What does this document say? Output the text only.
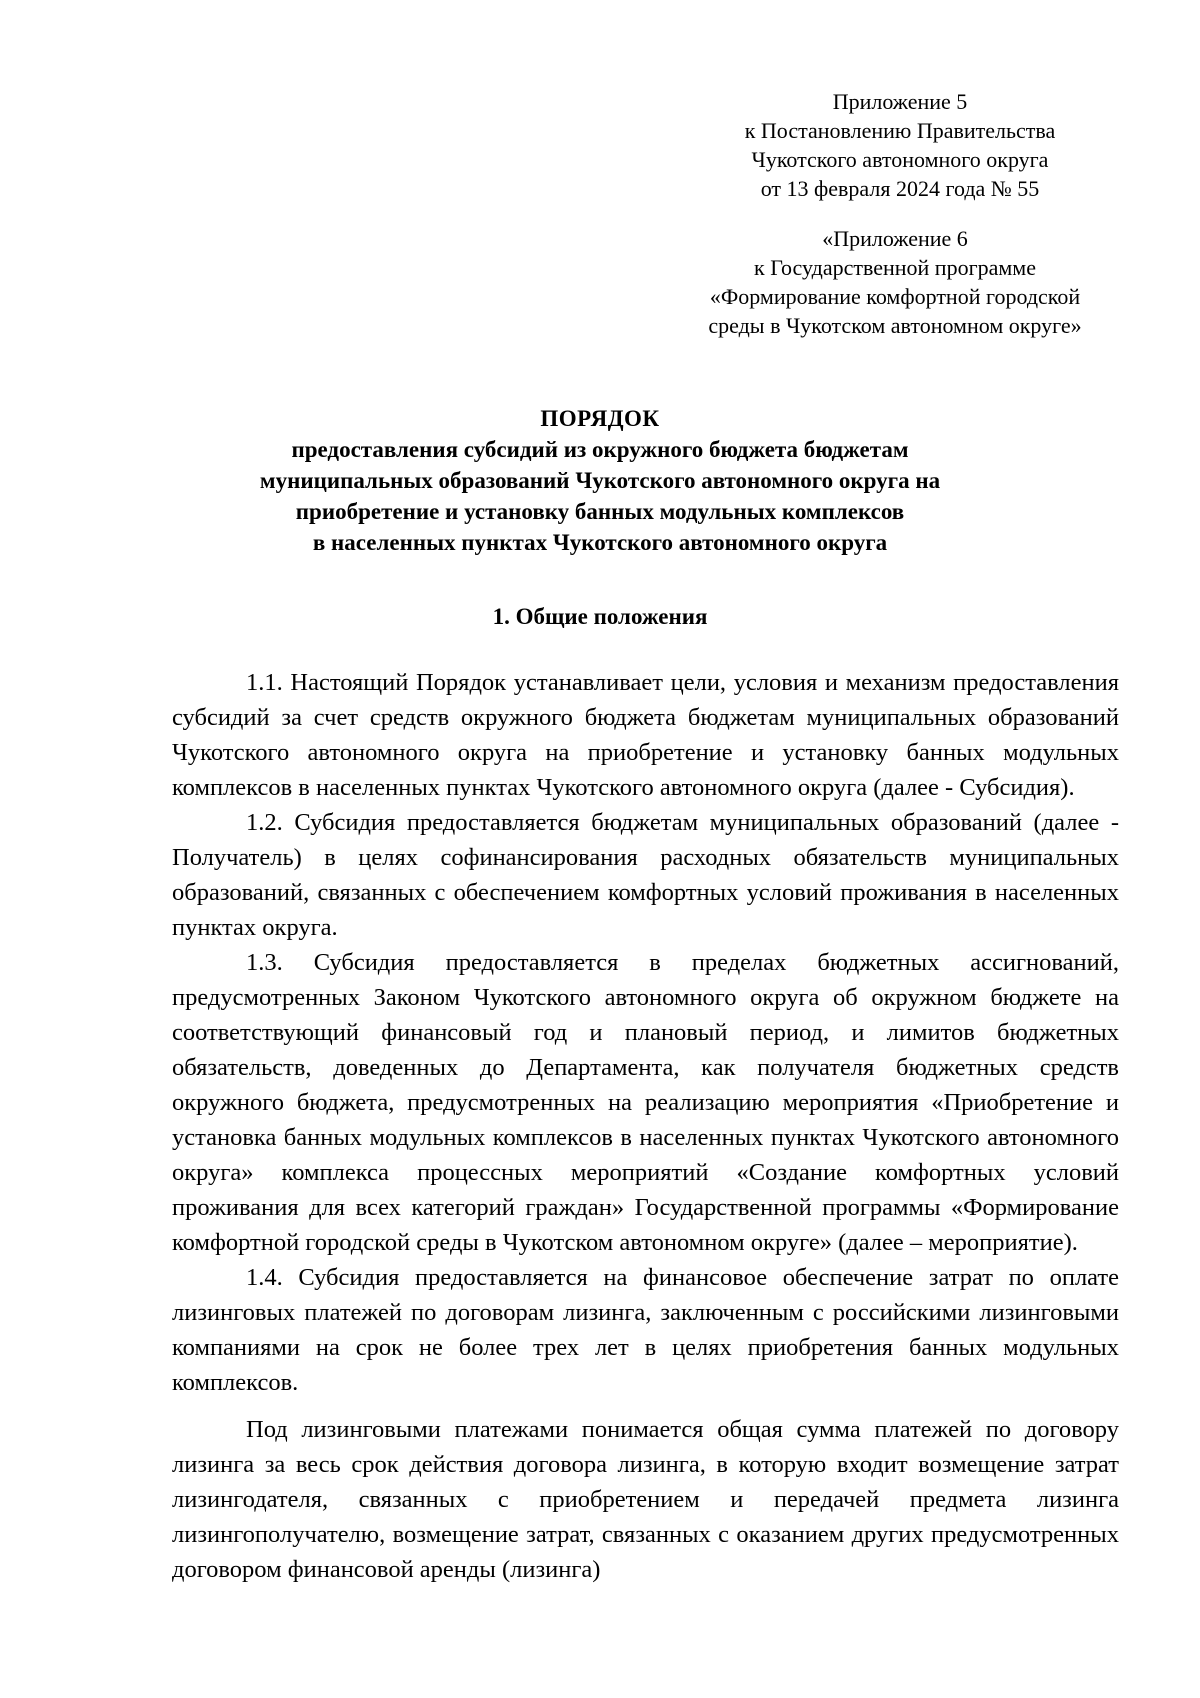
Приложение 5
к Постановлению Правительства
Чукотского автономного округа
от 13 февраля 2024 года № 55
«Приложение 6
к Государственной программе
«Формирование комфортной городской
среды в Чукотском автономном округе»
ПОРЯДОК
предоставления субсидий из окружного бюджета бюджетам
муниципальных образований Чукотского автономного округа на
приобретение и установку банных модульных комплексов
в населенных пунктах Чукотского автономного округа
1. Общие положения

1.1. Настоящий Порядок устанавливает цели, условия и механизм предоставления субсидий за счет средств окружного бюджета бюджетам муниципальных образований Чукотского автономного округа на приобретение и установку банных модульных комплексов в населенных пунктах Чукотского автономного округа (далее - Субсидия).

1.2. Субсидия предоставляется бюджетам муниципальных образований (далее - Получатель) в целях софинансирования расходных обязательств муниципальных образований, связанных с обеспечением комфортных условий проживания в населенных пунктах округа.

1.3. Субсидия предоставляется в пределах бюджетных ассигнований, предусмотренных Законом Чукотского автономного округа об окружном бюджете на соответствующий финансовый год и плановый период, и лимитов бюджетных обязательств, доведенных до Департамента, как получателя бюджетных средств окружного бюджета, предусмотренных на реализацию мероприятия «Приобретение и установка банных модульных комплексов в населенных пунктах Чукотского автономного округа» комплекса процессных мероприятий «Создание комфортных условий проживания для всех категорий граждан» Государственной программы «Формирование комфортной городской среды в Чукотском автономном округе» (далее – мероприятие).

1.4. Субсидия предоставляется на финансовое обеспечение затрат по оплате лизинговых платежей по договорам лизинга, заключенным с российскими лизинговыми компаниями на срок не более трех лет в целях приобретения банных модульных комплексов.

Под лизинговыми платежами понимается общая сумма платежей по договору лизинга за весь срок действия договора лизинга, в которую входит возмещение затрат лизингодателя, связанных с приобретением и передачей предмета лизинга лизингополучателю, возмещение затрат, связанных с оказанием других предусмотренных договором финансовой аренды (лизинга)
